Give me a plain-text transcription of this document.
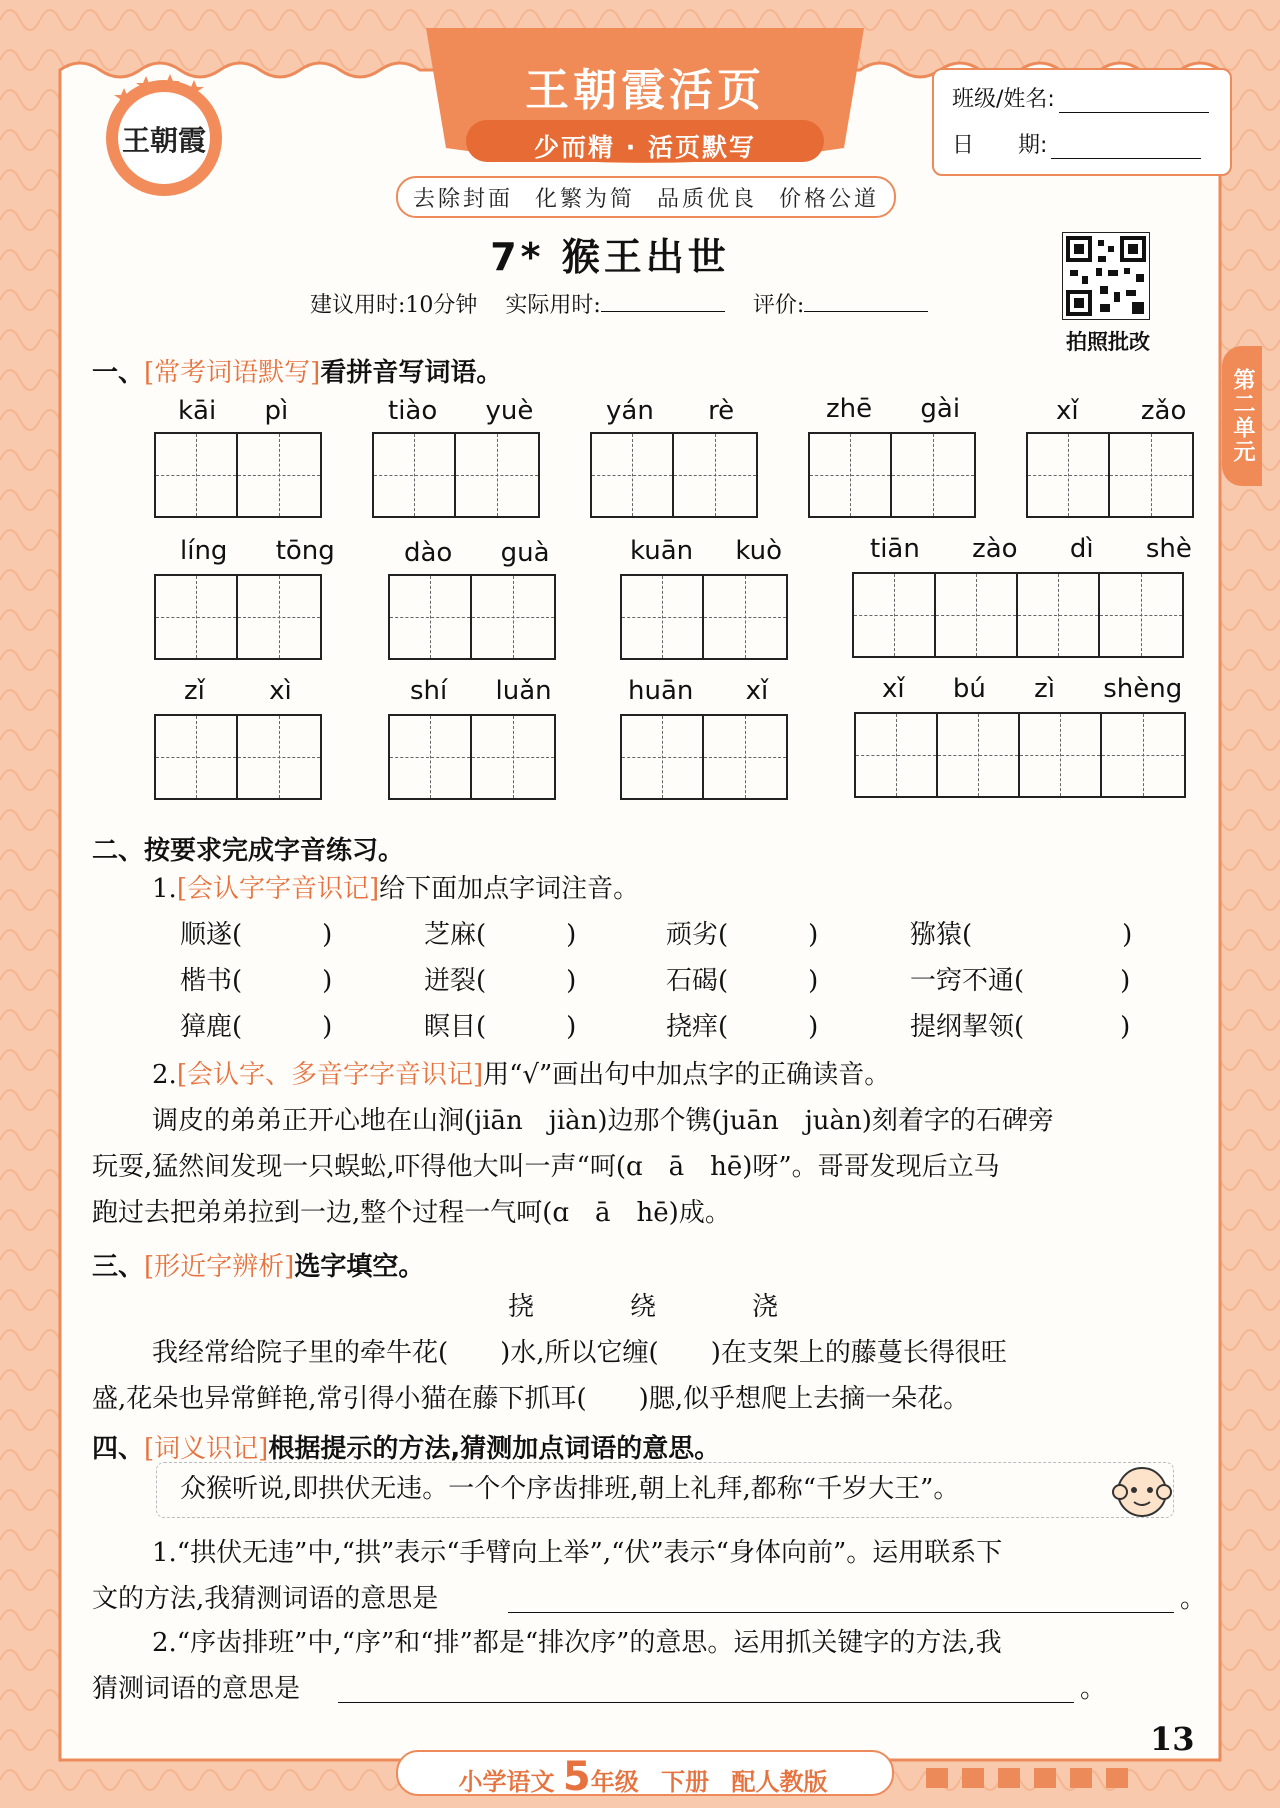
王朝霞
王朝霞活页
少而精 · 活页默写
去除封面 化繁为简 品质优良 价格公道
班级/姓名:
日　　期:
第二单元
7* 猴王出世
建议用时:10分钟 实际用时:	评价:
拍照批改
一、[常考词语默写]看拼音写词语。
kāi pì	tiào yuè	yán rè	zhē gài	xǐ zǎo
líng tōng	dào guà	kuān kuò	tiān zào dì shè
zǐ xì	shí luǎn	huān xǐ	xǐ bú zì shèng
二、按要求完成字音练习。
1.[会认字字音识记]给下面加点字词注音。
顺遂(	)	芝麻(	)	顽劣(	)	猕猿(	)
楷书(	)	迸裂(	)	石碣(	)	一窍不通(	)
獐鹿(	)	瞑目(	)	挠痒(	)	提纲挈领(	)
2.[会认字、多音字字音识记]用“√”画出句中加点字的正确读音。
调皮的弟弟正开心地在山涧(jiān　jiàn)边那个镌(juān　juàn)刻着字的石碑旁
玩耍,猛然间发现一只蜈蚣,吓得他大叫一声“呵(ɑ　ā　hē)呀”。哥哥发现后立马
跑过去把弟弟拉到一边,整个过程一气呵(ɑ　ā　hē)成。
三、[形近字辨析]选字填空。
挠	绕	浇
我经常给院子里的牵牛花(　　)水,所以它缠(　　)在支架上的藤蔓长得很旺
盛,花朵也异常鲜艳,常引得小猫在藤下抓耳(　　)腮,似乎想爬上去摘一朵花。
四、[词义识记]根据提示的方法,猜测加点词语的意思。
众猴听说,即拱伏无违。一个个序齿排班,朝上礼拜,都称“千岁大王”。
1.“拱伏无违”中,“拱”表示“手臂向上举”,“伏”表示“身体向前”。运用联系下
文的方法,我猜测词语的意思是	。
2.“序齿排班”中,“序”和“排”都是“排次序”的意思。运用抓关键字的方法,我
猜测词语的意思是	。
13
小学语文 5年级 下册 配人教版
